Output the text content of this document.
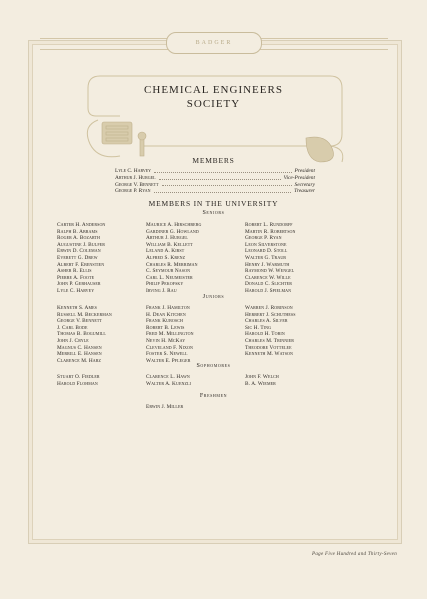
BADGER
CHEMICAL ENGINEERS
SOCIETY
MEMBERS
Lyle C. Harvey	President
Arthur J. Hurgel	Vice-President
George V. Bennett	Secretary
George P. Ryan	Treasurer
MEMBERS IN THE UNIVERSITY
Seniors
Carter H. Anderson
Ralph B. Abrams
Roger A. Bozarth
Augustine J. Bulfer
Erwin D. Coleman
Everett G. Drew
Albert F. Ebenstien
Asher R. Ellis
Pierre A. Foote
John P. Gebhauser
Lyle C. Harvey
Maurice A. Hirschberg
Gardiner G. Howland
Arthur J. Hurgel
William B. Kellett
Leland A. Kirst
Alfred S. Krenz
Charles R. Merriman
C. Seymour Nason
Carl L. Neumeister
Philip Pekofsky
Irving J. Rau
Robert L. Rundorff
Martin R. Robertson
George P. Ryan
Leon Silverstone
Leonard D. Stoll
Walter G. Traub
Henry J. Warmuth
Raymond W. Wengel
Clarence W. Wille
Donald C. Slichter
Harold J. Spielman
Juniors
Kenneth S. Ames
Russell M. Beckerman
George V. Bennett
J. Carl Bode
Thomas B. Bogumill
John J. Cryle
Magnus C. Hansen
Merrill E. Hansen
Clarence M. Harz
Frank J. Hamilton
H. Dean Kitchen
Frank Kubosch
Robert B. Lewis
Fred M. Millington
Nevin H. McKay
Cleveland F. Nixon
Foster S. Newell
Walter E. Pfleger
Warren J. Robinson
Herbert J. Schuthess
Charles A. Silver
Sic H. Ting
Harold H. Tobin
Charles M. Trinnier
Theodore Vottelee
Kenneth M. Watson
Sophomores
Stuart O. Fiedler
Harold Flohman
Clarence L. Hawn
Walter A. Kuenzli
John F. Welch
B. A. Wiemer
Freshmen
Erwin J. Miller
Page Five Hundred and Thirty-Seven
